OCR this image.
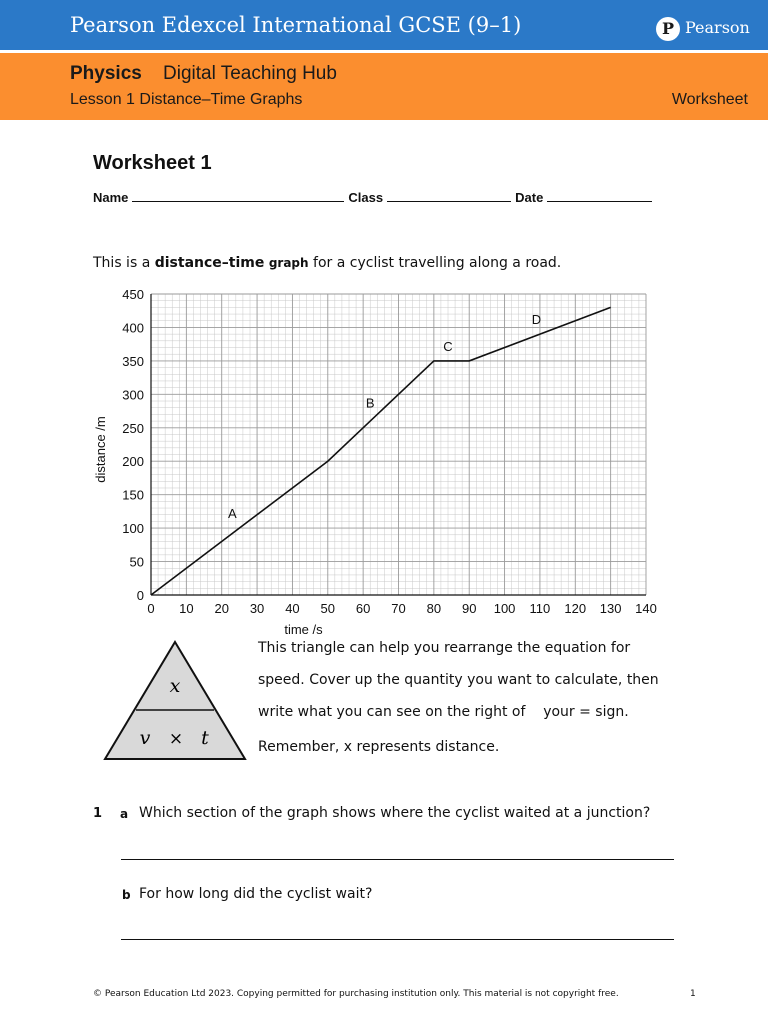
Pearson Edexcel International GCSE (9–1)	P Pearson
Physics Digital Teaching Hub
Lesson 1 Distance–Time Graphs	Worksheet
Worksheet 1
Name	Class	Date
This is a distance–time graph for a cyclist travelling along a road.
0 10 20 30 40 50 60 70 80 90 100 110 120 130 140
0
50
100
150
200
250
300
350
400
450
A
B
C
D
time /s
distance /m
x
v × t
This triangle can help you rearrange the equation for
speed. Cover up the quantity you want to calculate, then
write what you can see on the right of    your = sign.
Remember, x represents distance.
1 a Which section of the graph shows where the cyclist waited at a junction?
b For how long did the cyclist wait?
© Pearson Education Ltd 2023. Copying permitted for purchasing institution only. This material is not copyright free.	1
